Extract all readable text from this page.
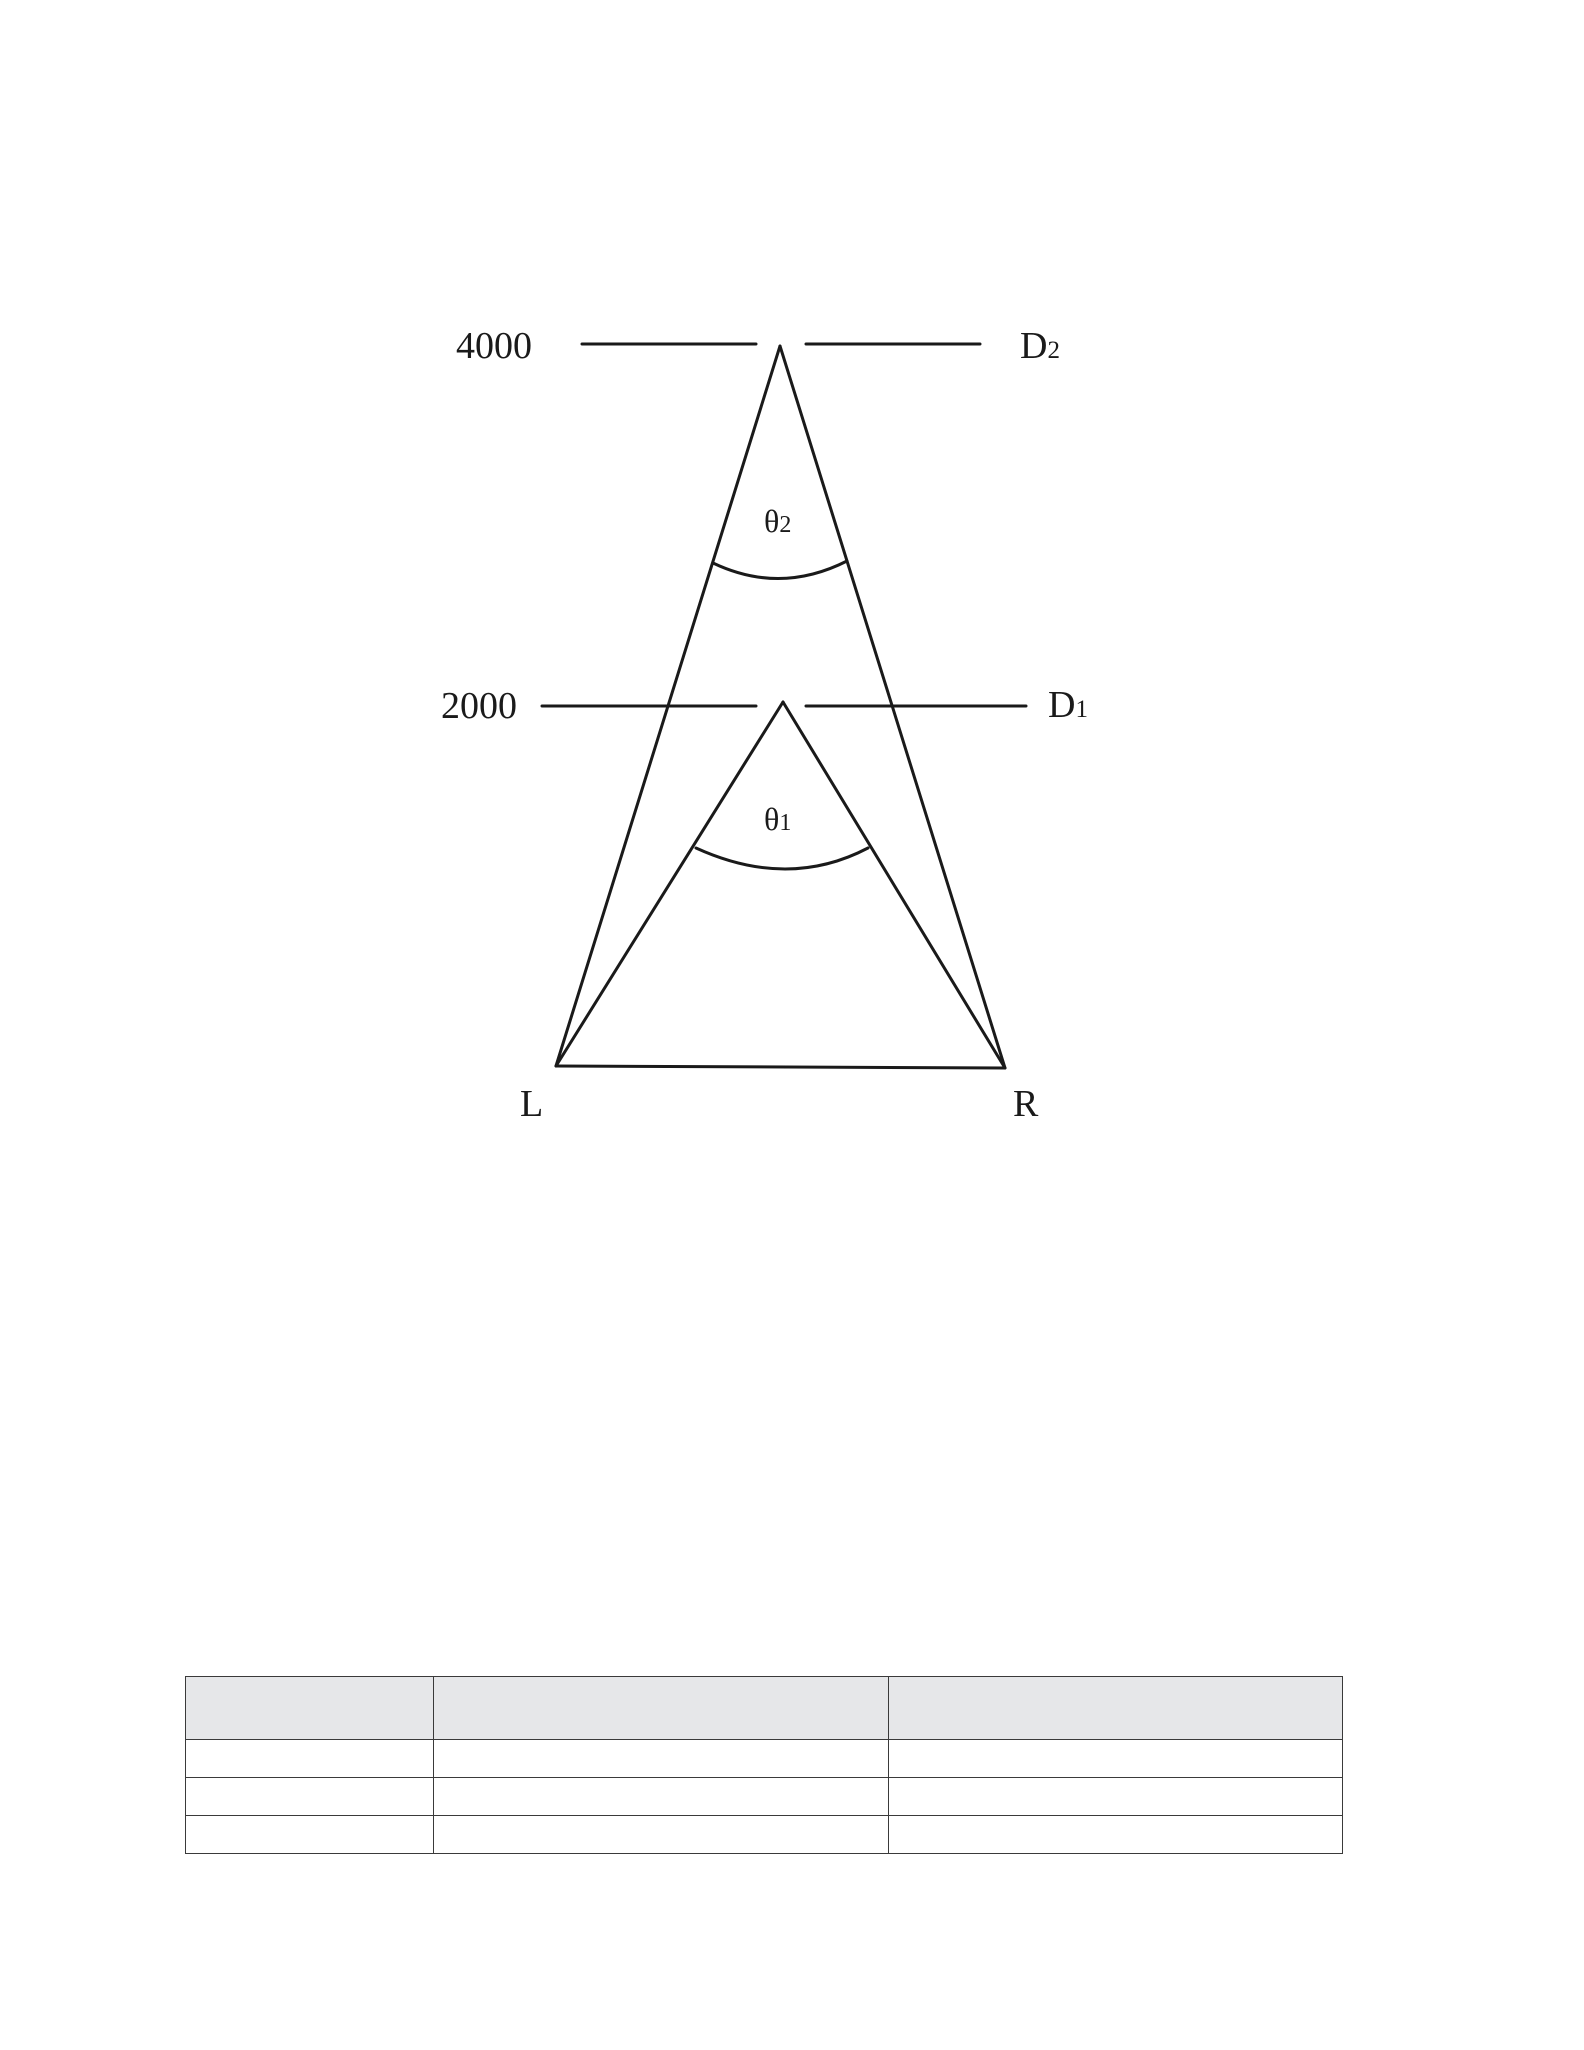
4000
2000
D2
D1
θ2
θ1
L	R
